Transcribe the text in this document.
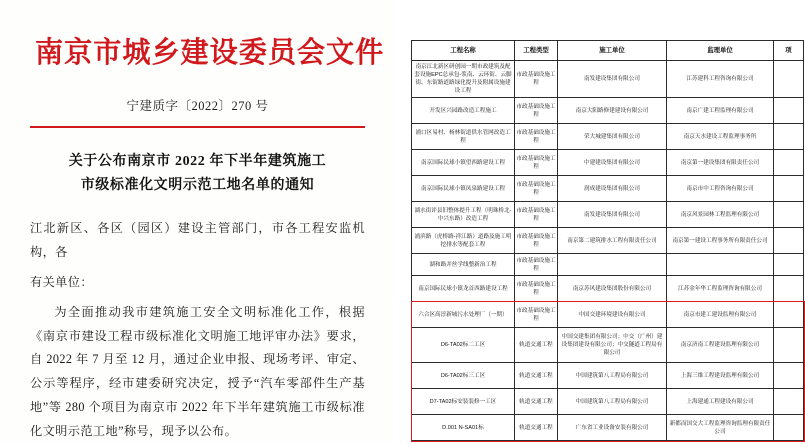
南京市城乡建设委员会文件
宁建质字〔2022〕270 号
关于公布南京市 2022 年下半年建筑施工
市级标准化文明示范工地名单的通知

江北新区、各区（园区）建设主管部门，市各工程安监机构，各

有关单位：

为全面推动我市建筑施工安全文明标准化工作，根据《南京市建设工程市级标准化文明施工地评审办法》要求，自 2022 年 7 月至 12 月，通过企业申报、现场考评、审定、公示等程序，经市建委研究决定，授予“汽车零部件生产基地”等 280 个项目为南京市 2022 年下半年建筑施工市级标准化文明示范工地”称号，现予以公布。

工程名称	工程类型	施工单位	监理单位	项
南京江北新区研创园一期市政建筑及配套设施EPC总承包-浆南、云环街、云脚街、东街路道路绿化提升及附属设施建设工程	市政基础设施工程	南发建设集团有限公司	江苏建科工程咨询有限公司	
开发区兴园路改造工程施工	市政基础设施工程	南京大阳路修建建设有限公司	南京广建工程监理有限公司	
浦口区易村、杨林街道供水管网改造工程	市政基础设施工程	荣大城建集团有限公司	南京天水建设工程监理事务所	
南京国际民球小镇望西路建设工程	市政基础设施工程	中建建设集团有限公司	南京第一建设集团有限责任公司	
南京国际民球小镇凤泉路建设工程	市政基础设施工程	润成建设集团有限公司	南京市中工程咨询有限公司	
湖水街评县旧整体提升工程（明珠桥北-中兴东路）改造工程	市政基础设施工程	南发建设集团有限公司	南京风景园林工程监理有限公司	
浦滨路（虎桥路-祥江路）道路及施工明挖排水等配套工程	市政基础设施工程	南京第二建筑排水工程有限责任公司	南京第一建设工程事务所有限责任公司	
湖和路并丝学线整新治工程	市政基础设施工程			
南京国际民球小镇龙首西路建设工程	市政基础设施工程	南京苏风建设集团股份有限公司	江苏金年华工程监理咨询有限公司	
六合区高淳新城污水处理厂（一期）	市政基础设施工程	中国交建环境建设有限公司	南京市建工建设监理有限公司	
D6-TA02标二工区	轨道交通工程	中国交建集团有限公司；中交（广州）建设集团建设有限公司；中交隧道工程局有限公司	南京济南工程建设监理有限公司	
D6-TA02标三工区	轨道交通工程	中国建筑第八工程局有限公司	上海三维工程建设监理有限公司	
D7-TA02标安装装修一工区	轨道交通工程	中国建筑第八工程局有限公司	上海建通工程建设有限公司	
D.001 N-SA01标	轨道交通工程	广东省工业设备安装有限公司	新都而国交大工程监理咨询监理有限责任公司	
